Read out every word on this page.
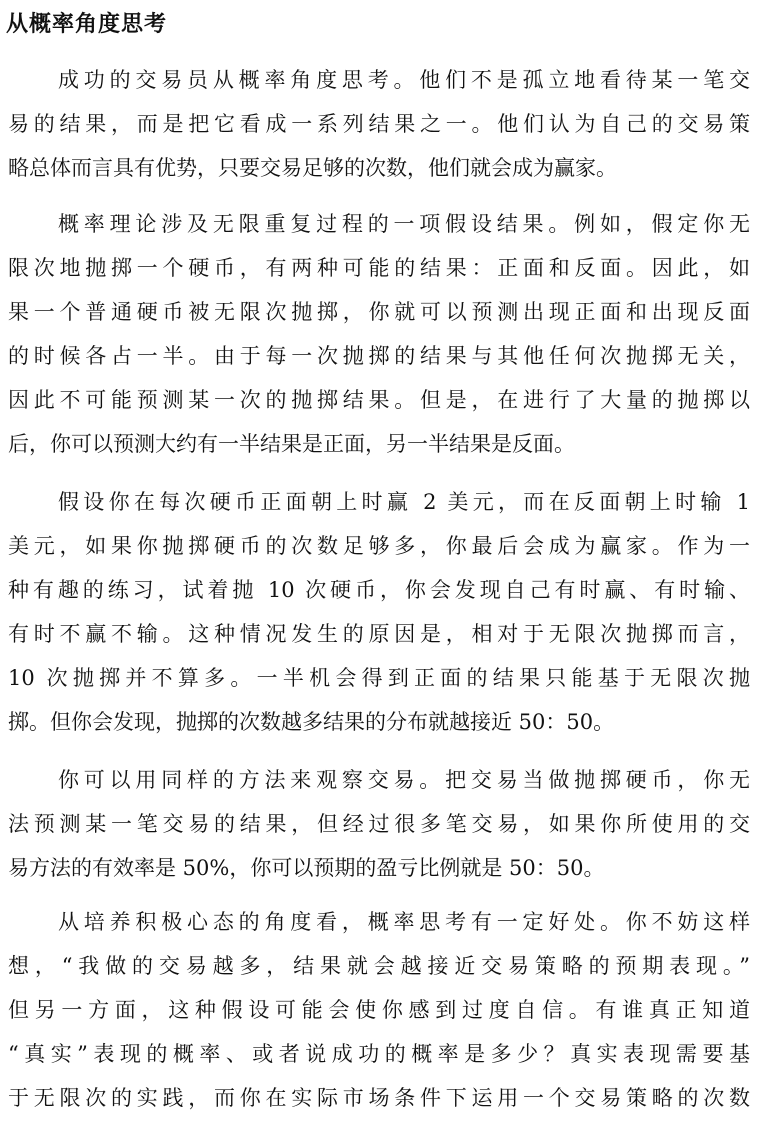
从概率角度思考
成功的交易员从概率角度思考。他们不是孤立地看待某一笔交
易的结果，而是把它看成一系列结果之一。他们认为自己的交易策
略总体而言具有优势，只要交易足够的次数，他们就会成为赢家。
概率理论涉及无限重复过程的一项假设结果。例如，假定你无
限次地抛掷一个硬币，有两种可能的结果：正面和反面。因此，如
果一个普通硬币被无限次抛掷，你就可以预测出现正面和出现反面
的时候各占一半。由于每一次抛掷的结果与其他任何次抛掷无关，
因此不可能预测某一次的抛掷结果。但是，在进行了大量的抛掷以
后，你可以预测大约有一半结果是正面，另一半结果是反面。
假设你在每次硬币正面朝上时赢 2 美元，而在反面朝上时输 1
美元，如果你抛掷硬币的次数足够多，你最后会成为赢家。作为一
种有趣的练习，试着抛 10 次硬币，你会发现自己有时赢、有时输、
有时不赢不输。这种情况发生的原因是，相对于无限次抛掷而言，
10 次抛掷并不算多。一半机会得到正面的结果只能基于无限次抛
掷。但你会发现，抛掷的次数越多结果的分布就越接近 50：50。
你可以用同样的方法来观察交易。把交易当做抛掷硬币，你无
法预测某一笔交易的结果，但经过很多笔交易，如果你所使用的交
易方法的有效率是 50%，你可以预期的盈亏比例就是 50：50。
从培养积极心态的角度看，概率思考有一定好处。你不妨这样
想，“我做的交易越多，结果就会越接近交易策略的预期表现。”
但另一方面，这种假设可能会使你感到过度自信。有谁真正知道
“真实”表现的概率、或者说成功的概率是多少？真实表现需要基
于无限次的实践，而你在实际市场条件下运用一个交易策略的次数
